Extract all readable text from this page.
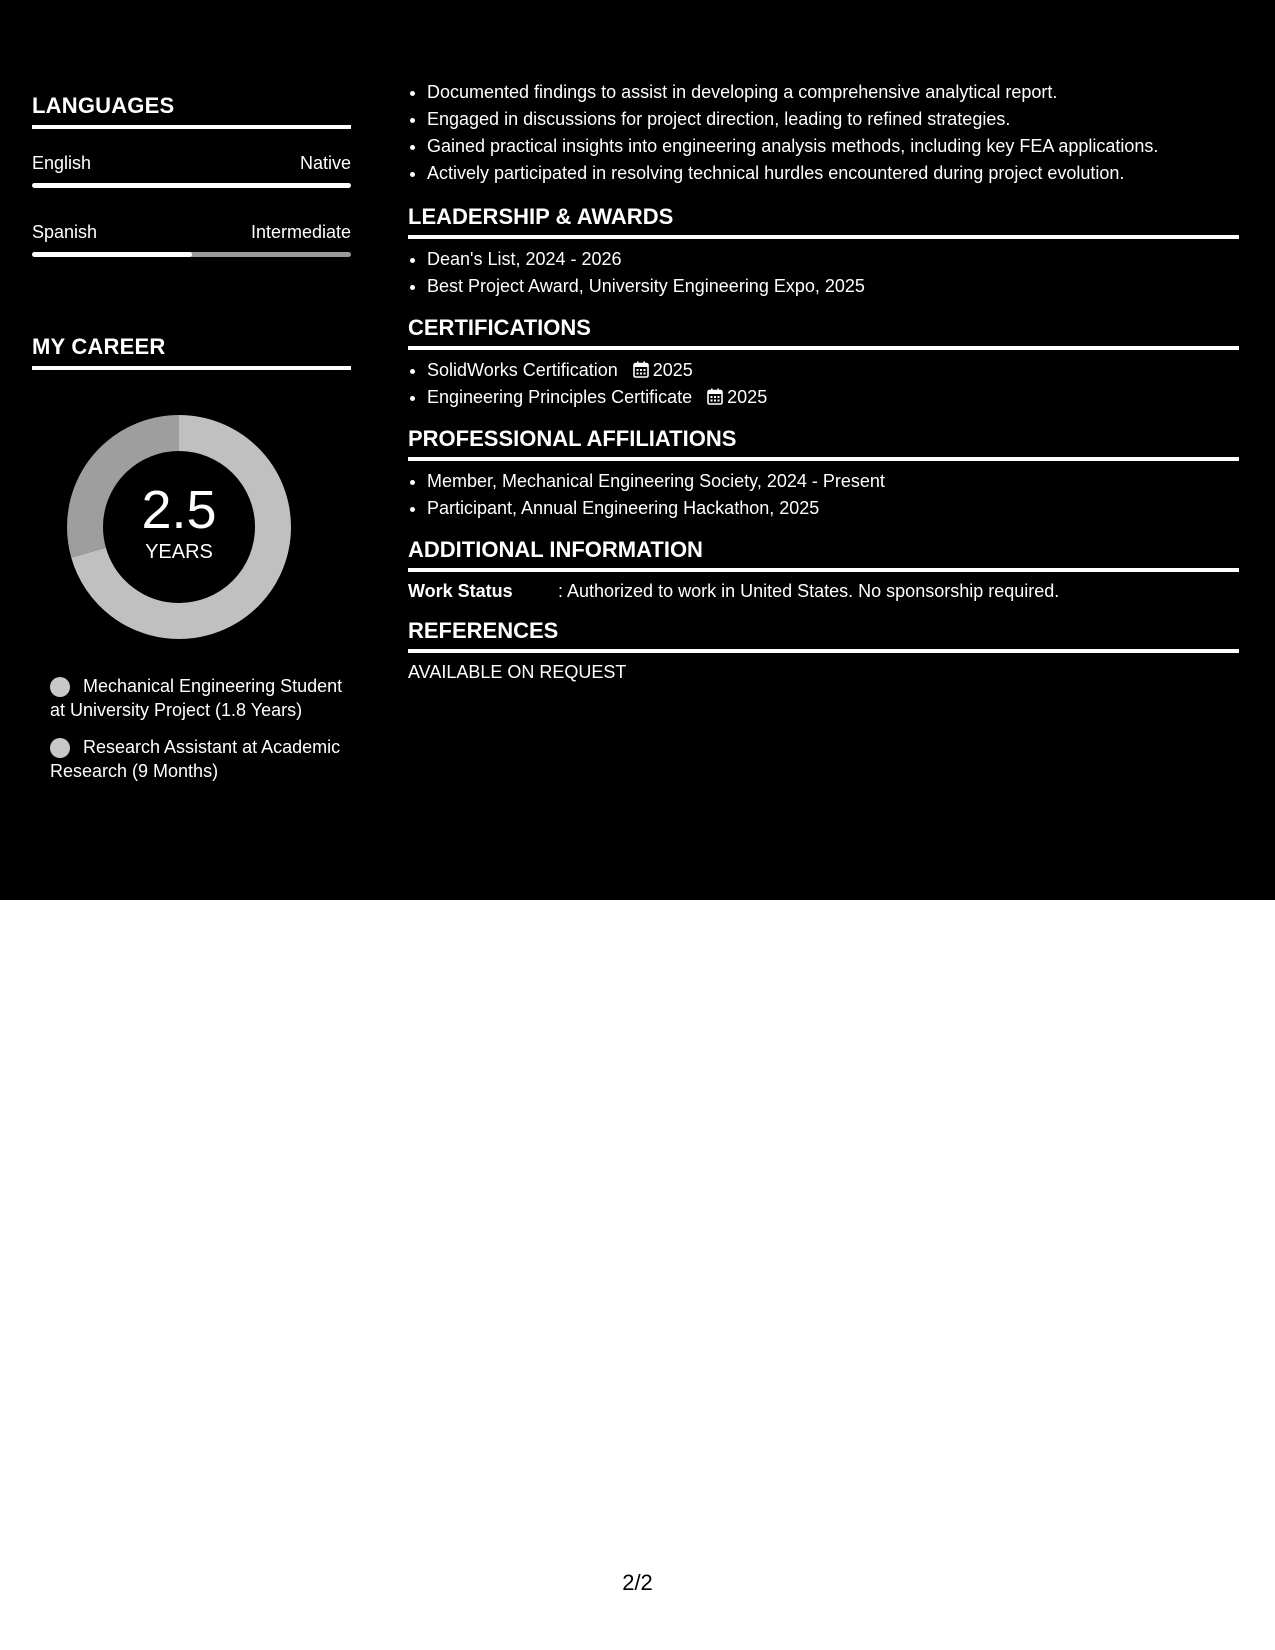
LANGUAGES
English	Native
Spanish	Intermediate
MY CAREER
2.5
YEARS
Mechanical Engineering Student at University Project (1.8 Years)
Research Assistant at Academic Research (9 Months)
• Documented findings to assist in developing a comprehensive analytical report.
• Engaged in discussions for project direction, leading to refined strategies.
• Gained practical insights into engineering analysis methods, including key FEA applications.
• Actively participated in resolving technical hurdles encountered during project evolution.
LEADERSHIP & AWARDS
• Dean's List, 2024 - 2026
• Best Project Award, University Engineering Expo, 2025
CERTIFICATIONS
• SolidWorks Certification 2025
• Engineering Principles Certificate 2025
PROFESSIONAL AFFILIATIONS
• Member, Mechanical Engineering Society, 2024 - Present
• Participant, Annual Engineering Hackathon, 2025
ADDITIONAL INFORMATION
Work Status	: Authorized to work in United States. No sponsorship required.
REFERENCES
AVAILABLE ON REQUEST
2/2
